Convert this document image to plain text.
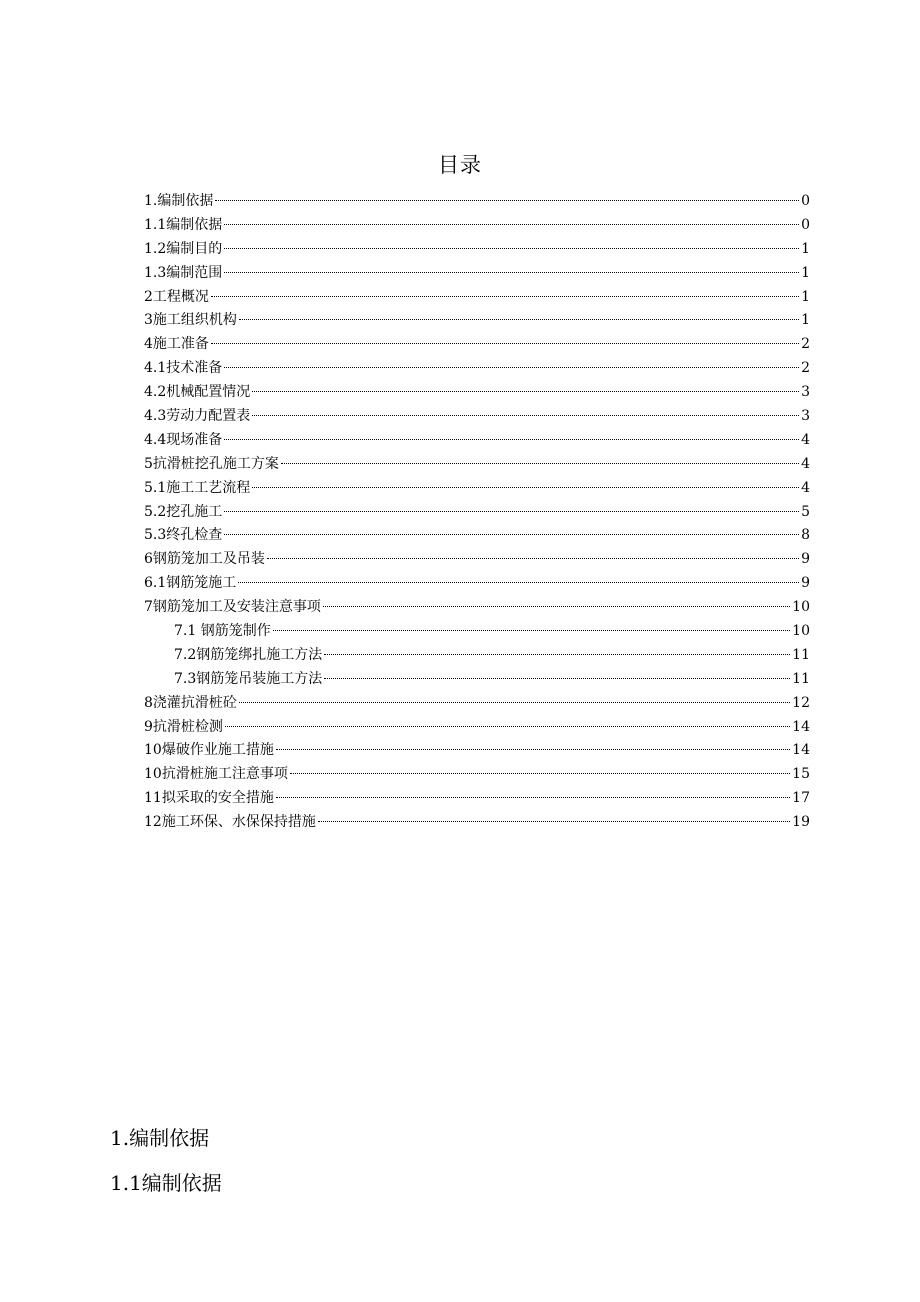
目录
1.编制依据	0
1.1编制依据	0
1.2编制目的	1
1.3编制范围	1
2工程概况	1
3施工组织机构	1
4施工准备	2
4.1技术准备	2
4.2机械配置情况	3
4.3劳动力配置表	3
4.4现场准备	4
5抗滑桩挖孔施工方案	4
5.1施工工艺流程	4
5.2挖孔施工	5
5.3终孔检查	8
6钢筋笼加工及吊装	9
6.1钢筋笼施工	9
7钢筋笼加工及安装注意事项	10
7.1 钢筋笼制作	10
7.2钢筋笼绑扎施工方法	11
7.3钢筋笼吊装施工方法	11
8浇灌抗滑桩砼	12
9抗滑桩检测	14
10爆破作业施工措施	14
10抗滑桩施工注意事项	15
11拟采取的安全措施	17
12施工环保、水保保持措施	19
1.编制依据
1.1编制依据
